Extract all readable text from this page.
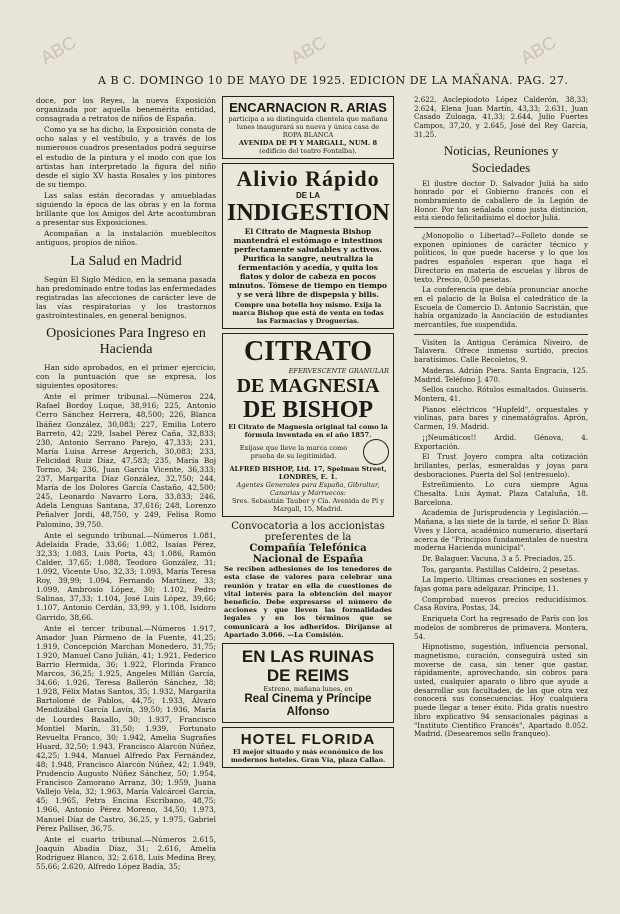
ABC	ABC	ABC
A B C. DOMINGO 10 DE MAYO DE 1925. EDICION DE LA MAÑANA. PAG. 27.

doce, por los Reyes, la nueva Exposición organizada por aquella benemérita entidad, consagrada a retratos de niños de España.

Como ya se ha dicho, la Exposición consta de ocho salas y el vestíbulo, y a través de los numerosos cuadros presentados podrá seguirse el estudio de la pintura y el modo con que los artistas han interpretado la figura del niño desde el siglo XV hasta Rosales y los pintores de su tiempo.

Las salas están decoradas y amuebladas siguiendo la época de las obras y en la forma brillante que los Amigos del Arte acostumbran a presentar sus Exposiciones.

Acompañan a la instalación mueblecitos antiguos, propios de niños.

La Salud en Madrid

Según El Siglo Médico, en la semana pasada han predominado entre todas las enfermedades registradas las afecciones de carácter leve de las vías respiratorias y los trastornos gastrointestinales, en general benignos.

Oposiciones Para Ingreso en Hacienda

Han sido aprobados, en el primer ejercicio, con la puntuación que se expresa, los siguientes opositores:

Ante el primer tribunal.—Números 224, Rafael Bordoy Luque, 38,916; 225, Antonio Cerro Sánchez Herrera, 48,500; 226, Blanca Ibáñez González, 30,083; 227, Emilia Lotero Barreto, 42; 229, Isabel Pérez Caña, 32,833; 230, Antonio Serrano Parejo, 47,333; 231, María Luisa Arrese Argerich, 30,083; 233, Felicidad Ruiz Díaz, 47,583; 235, María Boj Tormo, 34; 236, Juan García Vicente, 36,333; 237, Margarita Díaz González, 32,750; 244, María de los Dolores García Castaño, 42,500; 245, Leonardo Navarro Lora, 33,833; 246, Adela Lenguas Santana, 37,616; 248, Lorenzo Peñalver Jordi, 48,750, y 249, Felisa Romo Palomino, 39,750.

Ante el segundo tribunal.—Números 1.081, Adelaida Frade, 33,66; 1.082, Isaías Pérez, 32,33; 1.083, Luis Porta, 43; 1.086, Ramón Calder, 37,65; 1.088, Teodoro González, 31; 1.092, Vicente Uso, 32,33; 1.093, María Teresa Roy, 39,99; 1.094, Fernando Martínez, 33; 1.099, Ambrosio López, 30; 1.102, Pedro Salinas, 37,33; 1.104, José Luis López, 39,66; 1.107, Antonio Cerdán, 33,99, y 1.108, Isidoro Garrido, 38,66.

Ante el tercer tribunal.—Números 1.917, Amador Juan Pármeno de la Fuente, 41,25; 1.919, Concepción Marchan Monedero, 31,75; 1.920, Manuel Cano Julián, 41; 1.921, Federico Barrio Hermida, 36; 1.922, Florinda Franco Marcos, 36,25; 1.925, Angeles Millán García, 34,66; 1.926, Teresa Ballerón Sánchez, 38; 1.928, Félix Matas Santos, 35; 1.932, Margarita Bartolomé de Pablos, 44,75; 1.933, Álvaro Mendizábal García Lavín, 39,50; 1.936, María de Lourdes Basallo, 30; 1.937, Francisco Montiel Marín, 31,50; 1.939, Fortunato Revuelta Franco, 30; 1.942, Amelia Sugrañes Huard, 32,50; 1.943, Francisco Alarcón Núñez, 42,25; 1.944, Manuel Alfredo Pax Fernández, 48; 1.948, Francisco Alarcón Núñez, 42; 1.949, Prudencio Augusto Núñez Sánchez, 50; 1.954, Francisco Zamorano Arranz, 30; 1.959, Juana Vallejo Vela, 32; 1.963, María Valcárcel García, 45; 1.965, Petra Encina Escribano, 48,75; 1.966, Antonio Pérez Moreno, 34,50; 1.973, Manuel Díaz de Castro, 36,25, y 1.975, Gabriel Pérez Palliser, 36,75.

Ante el cuarto tribunal.—Números 2.615, Joaquín Abadía Díaz, 31; 2.616, Amelia Rodríguez Blanco, 32; 2.618, Luis Medina Brey, 55,66; 2.620, Alfredo López Badía, 35;

ENCARNACION R. ARIAS
participa a su distinguida clientela que mañana lunes inaugurará su nueva y única casa de ROPA BLANCA
AVENIDA DE PI Y MARGALL, NUM. 8
(edificio del teatro Fontalba).
Alivio Rápido
DE LA
INDIGESTION
El Citrato de Magnesia Bishop mantendrá el estómago e intestinos perfectamente saludables y activos. Purifica la sangre, neutraliza la fermentación y acedía, y quita los flatos y dolor de cabeza en pocos minutos. Tómese de tiempo en tiempo y se verá libre de dispepsia y bilis.
Compre una botella hoy mismo. Exija la marca Bishop que está de venta en todas las Farmacias y Droguerías.
CITRATO
EFERVESCENTE GRANULAR
DE MAGNESIA
DE BISHOP
El Citrato de Magnesia original tal como la fórmula inventada en el año 1857.
Exíjase que lleve la marca como prueba de su legitimidad.
ALFRED BISHOP, Ltd. 17, Spelman Street, LONDRES, E. 1.
Agentes Generales para España, Gibraltar, Canarias y Marruecos:
Sres. Sebastián Tauber y Cía. Avenida de Pí y Margall, 15, Madrid.
Convocatoria a los accionistas preferentes de la
Compañía Telefónica Nacional de España
Se reciben adhesiones de los tenedores de esta clase de valores para celebrar una reunión y tratar en ella de cuestiones de vital interés para la obtención del mayor beneficio. Debe expresarse el número de acciones y que lleven las formalidades legales y en los términos que se comunicará a los adheridos. Diríjanse al Apartado 3.066. —La Comisión.
EN LAS RUINAS
DE REIMS
Estreno, mañana lunes, en
Real Cinema y Príncipe Alfonso
HOTEL FLORIDA
El mejor situado y más económico de los modernos hoteles. Gran Vía, plaza Callao.

2.622, Asclepiodoto López Calderón, 38,33; 2.624, Elena Juan Martín, 43,33; 2.631, Juan Casado Zuloaga, 41,33; 2.644, Julio Fuertes Campos, 37,20, y 2.645, José del Rey García, 31,25.

Noticias, Reuniones y Sociedades

El ilustre doctor D. Salvador Juliá ha sido honrado por el Gobierno francés con el nombramiento de caballero de la Legión de Honor. Por tan señalada como justa distinción, está siendo felicitadísimo el doctor Juliá.

¿Monopolio o Libertad?—Folleto donde se exponen opiniones de carácter técnico y políticos, lo que puede hacerse y lo que los padres españoles esperan que haga el Directorio en materia de escuelas y libros de texto. Precio, 0,50 pesetas.

La conferencia que debía pronunciar anoche en el palacio de la Bolsa el catedrático de la Escuela de Comercio D. Antonio Sacristán, que había organizado la Asociación de estudiantes mercantiles, fue suspendida.

Visiten la Antigua Cerámica Niveiro, de Talavera. Ofrece inmenso surtido, precios baratísimos. Calle Recoletos, 9.

Maderas. Adrián Piera. Santa Engracia, 125. Madrid. Teléfono J. 470.

Sellos caucho. Rótulos esmaltados. Guisseris. Montera, 41.

Pianos eléctricos "Hupfeld", orquestales y violinas, para bares y cinematógrafos. Aprón, Carmen, 19. Madrid.

¡¡Neumáticos!! Ardid. Génova, 4. Exportación.

El Trust Joyero compra alta cotización brillantes, perlas, esmeraldas y joyas para desboraciones. Puerta del Sol (entresuelo).

Estreñimiento. Lo cura siempre Agua Chesalta. Luis Aymat. Plaza Cataluña, 18. Barcelona.

Academia de Jurisprudencia y Legislación.—Mañana, a las siete de la tarde, el señor D. Blas Vives y Llorca, académico numerario, disertará acerca de "Principios fundamentales de nuestra moderna Hacienda municipal".

Dr. Balaguer. Vacuna, 3 a 5. Preciados, 25.

Tos, garganta. Pastillas Caldeiro, 2 pesetas.

La Imperio. Ultimas creaciones en sostenes y fajas goma para adelgazar. Príncipe, 11.

Comprobad nuevos precios reducidísimos. Casa Rovira, Postas, 34.

Enriqueta Cort ha regresado de París con los modelos de sombreros de primavera. Montera, 54.

Hipnotismo, sugestión, influencia personal, magnetismo, curación, conseguirá usted sin moverse de casa, sin tener que gastar, rápidamente, aprovechando, sin cobros para usted, cualquier aparato o libro que ayude a desarrollar sus facultades, de las que otra vez conocerá sus consecuencias. Hoy cualquiera puede llegar a tener éxito. Pida gratis nuestro libro explicativo 94 sensacionales páginas a "Instituto Científico Francés", Apartado 8.052. Madrid. (Desearemos sello franqueo).
